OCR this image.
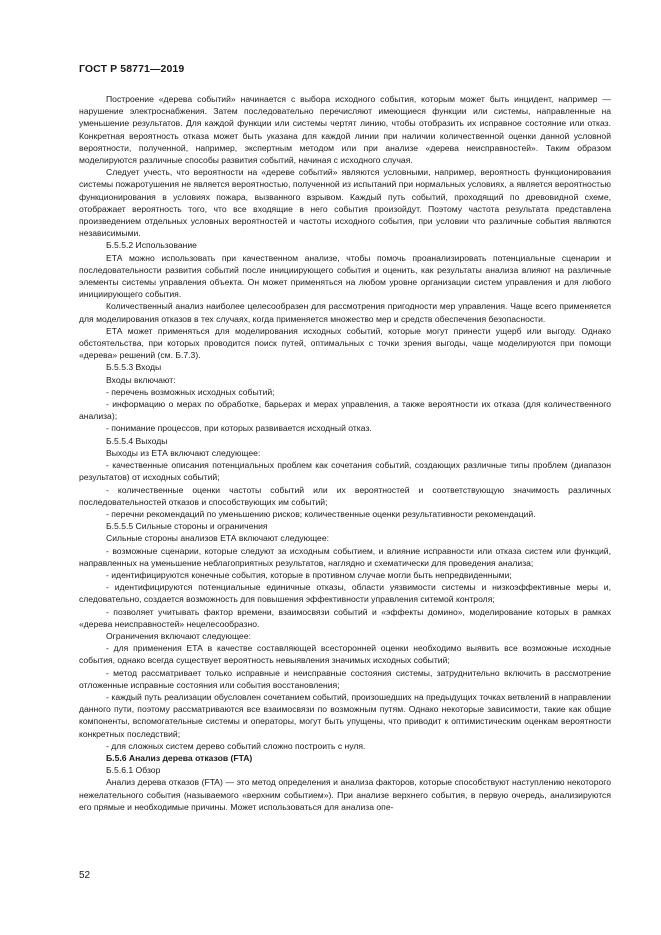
ГОСТ Р 58771—2019

Построение «дерева событий» начинается с выбора исходного события, которым может быть инцидент, например — нарушение электроснабжения. Затем последовательно перечисляют имеющиеся функции или системы, направленные на уменьшение результатов. Для каждой функции или системы чертят линию, чтобы отобразить их исправное состояние или отказ. Конкретная вероятность отказа может быть указана для каждой линии при наличии количественной оценки данной условной вероятности, полученной, например, экспертным методом или при анализе «дерева неисправностей». Таким образом моделируются различные способы развития событий, начиная с исходного случая.

Следует учесть, что вероятности на «дереве событий» являются условными, например, вероятность функционирования системы пожаротушения не является вероятностью, полученной из испытаний при нормальных условиях, а является вероятностью функционирования в условиях пожара, вызванного взрывом. Каждый путь событий, проходящий по древовидной схеме, отображает вероятность того, что все входящие в него события произойдут. Поэтому частота результата представлена произведением отдельных условных вероятностей и частоты исходного события, при условии что различные события являются независимыми.

Б.5.5.2 Использование

ЕТА можно использовать при качественном анализе, чтобы помочь проанализировать потенциальные сценарии и последовательности развития событий после инициирующего события и оценить, как результаты анализа влияют на различные элементы системы управления объекта. Он может применяться на любом уровне организации систем управления и для любого инициирующего события.

Количественный анализ наиболее целесообразен для рассмотрения пригодности мер управления. Чаще всего применяется для моделирования отказов в тех случаях, когда применяется множество мер и средств обеспечения безопасности.

ЕТА может применяться для моделирования исходных событий, которые могут принести ущерб или выгоду. Однако обстоятельства, при которых проводится поиск путей, оптимальных с точки зрения выгоды, чаще моделируются при помощи «дерева» решений (см. Б.7.3).

Б.5.5.3 Входы

Входы включают:

- перечень возможных исходных событий;

- информацию о мерах по обработке, барьерах и мерах управления, а также вероятности их отказа (для количественного анализа);

- понимание процессов, при которых развивается исходный отказ.

Б.5.5.4 Выходы

Выходы из ЕТА включают следующее:

- качественные описания потенциальных проблем как сочетания событий, создающих различные типы проблем (диапазон результатов) от исходных событий;

- количественные оценки частоты событий или их вероятностей и соответствующую значимость различных последовательностей отказов и способствующих им событий;

- перечни рекомендаций по уменьшению рисков; количественные оценки результативности рекомендаций.

Б.5.5.5 Сильные стороны и ограничения

Сильные стороны анализов ЕТА включают следующее:

- возможные сценарии, которые следуют за исходным событием, и влияние исправности или отказа систем или функций, направленных на уменьшение неблагоприятных результатов, наглядно и схематически для проведения анализа;

- идентифицируются конечные события, которые в противном случае могли быть непредвиденными;

- идентифицируются потенциальные единичные отказы, области уязвимости системы и низкоэффективные меры и, следовательно, создается возможность для повышения эффективности управления ситемой контроля;

- позволяет учитывать фактор времени, взаимосвязи событий и «эффекты домино», моделирование которых в рамках «дерева неисправностей» нецелесообразно.

Ограничения включают следующее:

- для применения ЕТА в качестве составляющей всесторонней оценки необходимо выявить все возможные исходные события, однако всегда существует вероятность невыявления значимых исходных событий;

- метод рассматривает только исправные и неисправные состояния системы, затруднительно включить в рассмотрение отложенные исправные состояния или события восстановления;

- каждый путь реализации обусловлен сочетанием событий, произошедших на предыдущих точках ветвлений в направлении данного пути, поэтому рассматриваются все взаимосвязи по возможным путям. Однако некоторые зависимости, такие как общие компоненты, вспомогательные системы и операторы, могут быть упущены, что приводит к оптимистическим оценкам вероятности конкретных последствий;

- для сложных систем дерево событий сложно построить с нуля.

Б.5.6 Анализ дерева отказов (FTA)

Б.5.6.1 Обзор

Анализ дерева отказов (FTA) — это метод определения и анализа факторов, которые способствуют наступлению некоторого нежелательного события (называемого «верхним событием»). При анализе верхнего события, в первую очередь, анализируются его прямые и необходимые причины. Может использоваться для анализа опе-

52
